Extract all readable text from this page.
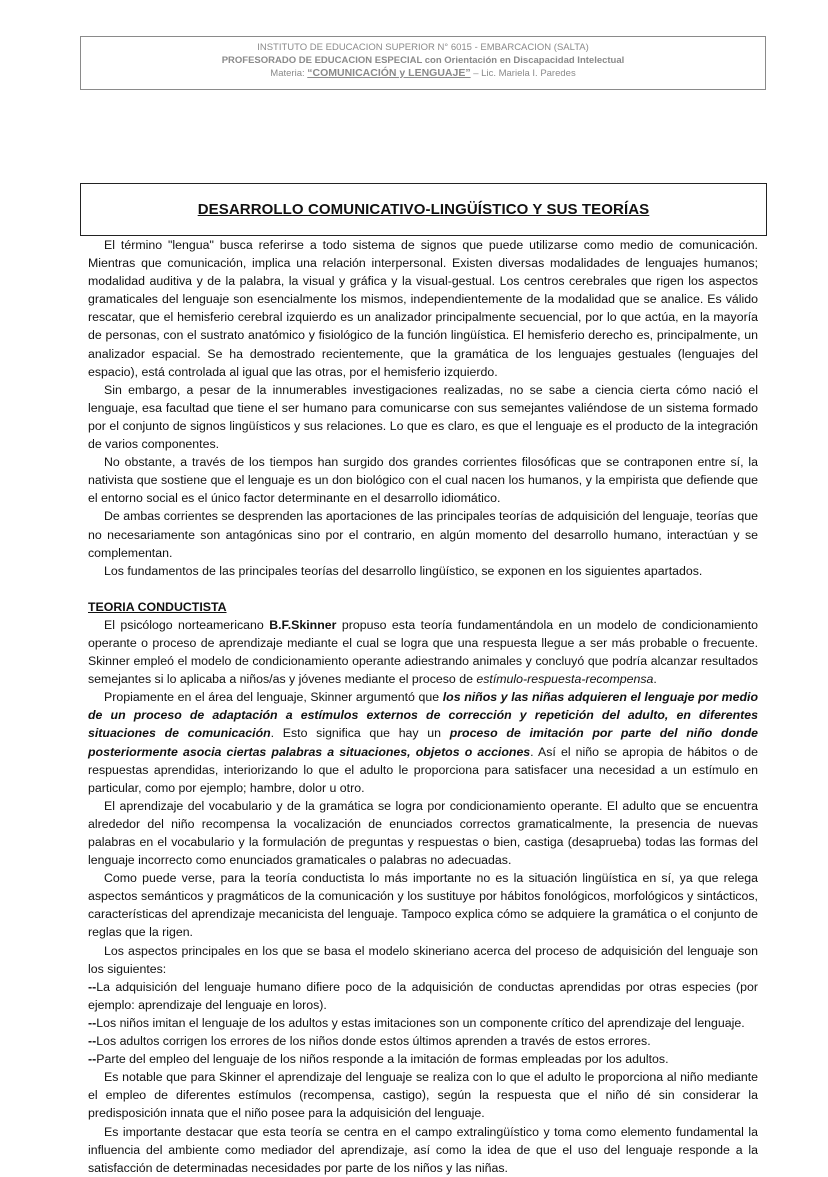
INSTITUTO DE EDUCACION SUPERIOR N° 6015 - EMBARCACION (SALTA)
PROFESORADO DE EDUCACION ESPECIAL con Orientación en Discapacidad Intelectual
Materia: “COMUNICACIÓN y LENGUAJE” – Lic. Mariela I. Paredes
DESARROLLO COMUNICATIVO-LINGÜÍSTICO Y SUS TEORÍAS

El término "lengua" busca referirse a todo sistema de signos que puede utilizarse como medio de comunicación. Mientras que comunicación, implica una relación interpersonal. Existen diversas modalidades de lenguajes humanos; modalidad auditiva y de la palabra, la visual y gráfica y la visual-gestual. Los centros cerebrales que rigen los aspectos gramaticales del lenguaje son esencialmente los mismos, independientemente de la modalidad que se analice. Es válido rescatar, que el hemisferio cerebral izquierdo es un analizador principalmente secuencial, por lo que actúa, en la mayoría de personas, con el sustrato anatómico y fisiológico de la función lingüística. El hemisferio derecho es, principalmente, un analizador espacial. Se ha demostrado recientemente, que la gramática de los lenguajes gestuales (lenguajes del espacio), está controlada al igual que las otras, por el hemisferio izquierdo.

Sin embargo, a pesar de la innumerables investigaciones realizadas, no se sabe a ciencia cierta cómo nació el lenguaje, esa facultad que tiene el ser humano para comunicarse con sus semejantes valiéndose de un sistema formado por el conjunto de signos lingüísticos y sus relaciones. Lo que es claro, es que el lenguaje es el producto de la integración de varios componentes.

No obstante, a través de los tiempos han surgido dos grandes corrientes filosóficas que se contraponen entre sí, la nativista que sostiene que el lenguaje es un don biológico con el cual nacen los humanos, y la empirista que defiende que el entorno social es el único factor determinante en el desarrollo idiomático.

De ambas corrientes se desprenden las aportaciones de las principales teorías de adquisición del lenguaje, teorías que no necesariamente son antagónicas sino por el contrario, en algún momento del desarrollo humano, interactúan y se complementan.

Los fundamentos de las principales teorías del desarrollo lingüístico, se exponen en los siguientes apartados.

TEORIA CONDUCTISTA

El psicólogo norteamericano B.F.Skinner propuso esta teoría fundamentándola en un modelo de condicionamiento operante o proceso de aprendizaje mediante el cual se logra que una respuesta llegue a ser más probable o frecuente. Skinner empleó el modelo de condicionamiento operante adiestrando animales y concluyó que podría alcanzar resultados semejantes si lo aplicaba a niños/as y jóvenes mediante el proceso de estímulo-respuesta-recompensa.

Propiamente en el área del lenguaje, Skinner argumentó que los niños y las niñas adquieren el lenguaje por medio de un proceso de adaptación a estímulos externos de corrección y repetición del adulto, en diferentes situaciones de comunicación. Esto significa que hay un proceso de imitación por parte del niño donde posteriormente asocia ciertas palabras a situaciones, objetos o acciones. Así el niño se apropia de hábitos o de respuestas aprendidas, interiorizando lo que el adulto le proporciona para satisfacer una necesidad a un estímulo en particular, como por ejemplo; hambre, dolor u otro.

El aprendizaje del vocabulario y de la gramática se logra por condicionamiento operante. El adulto que se encuentra alrededor del niño recompensa la vocalización de enunciados correctos gramaticalmente, la presencia de nuevas palabras en el vocabulario y la formulación de preguntas y respuestas o bien, castiga (desaprueba) todas las formas del lenguaje incorrecto como enunciados gramaticales o palabras no adecuadas.

Como puede verse, para la teoría conductista lo más importante no es la situación lingüística en sí, ya que relega aspectos semánticos y pragmáticos de la comunicación y los sustituye por hábitos fonológicos, morfológicos y sintácticos, características del aprendizaje mecanicista del lenguaje. Tampoco explica cómo se adquiere la gramática o el conjunto de reglas que la rigen.

Los aspectos principales en los que se basa el modelo skineriano acerca del proceso de adquisición del lenguaje son los siguientes:

--La adquisición del lenguaje humano difiere poco de la adquisición de conductas aprendidas por otras especies (por ejemplo: aprendizaje del lenguaje en loros).

--Los niños imitan el lenguaje de los adultos y estas imitaciones son un componente crítico del aprendizaje del lenguaje.

--Los adultos corrigen los errores de los niños donde estos últimos aprenden a través de estos errores.

--Parte del empleo del lenguaje de los niños responde a la imitación de formas empleadas por los adultos.

Es notable que para Skinner el aprendizaje del lenguaje se realiza con lo que el adulto le proporciona al niño mediante el empleo de diferentes estímulos (recompensa, castigo), según la respuesta que el niño dé sin considerar la predisposición innata que el niño posee para la adquisición del lenguaje.

Es importante destacar que esta teoría se centra en el campo extralingüístico y toma como elemento fundamental la influencia del ambiente como mediador del aprendizaje, así como la idea de que el uso del lenguaje responde a la satisfacción de determinadas necesidades por parte de los niños y las niñas.
